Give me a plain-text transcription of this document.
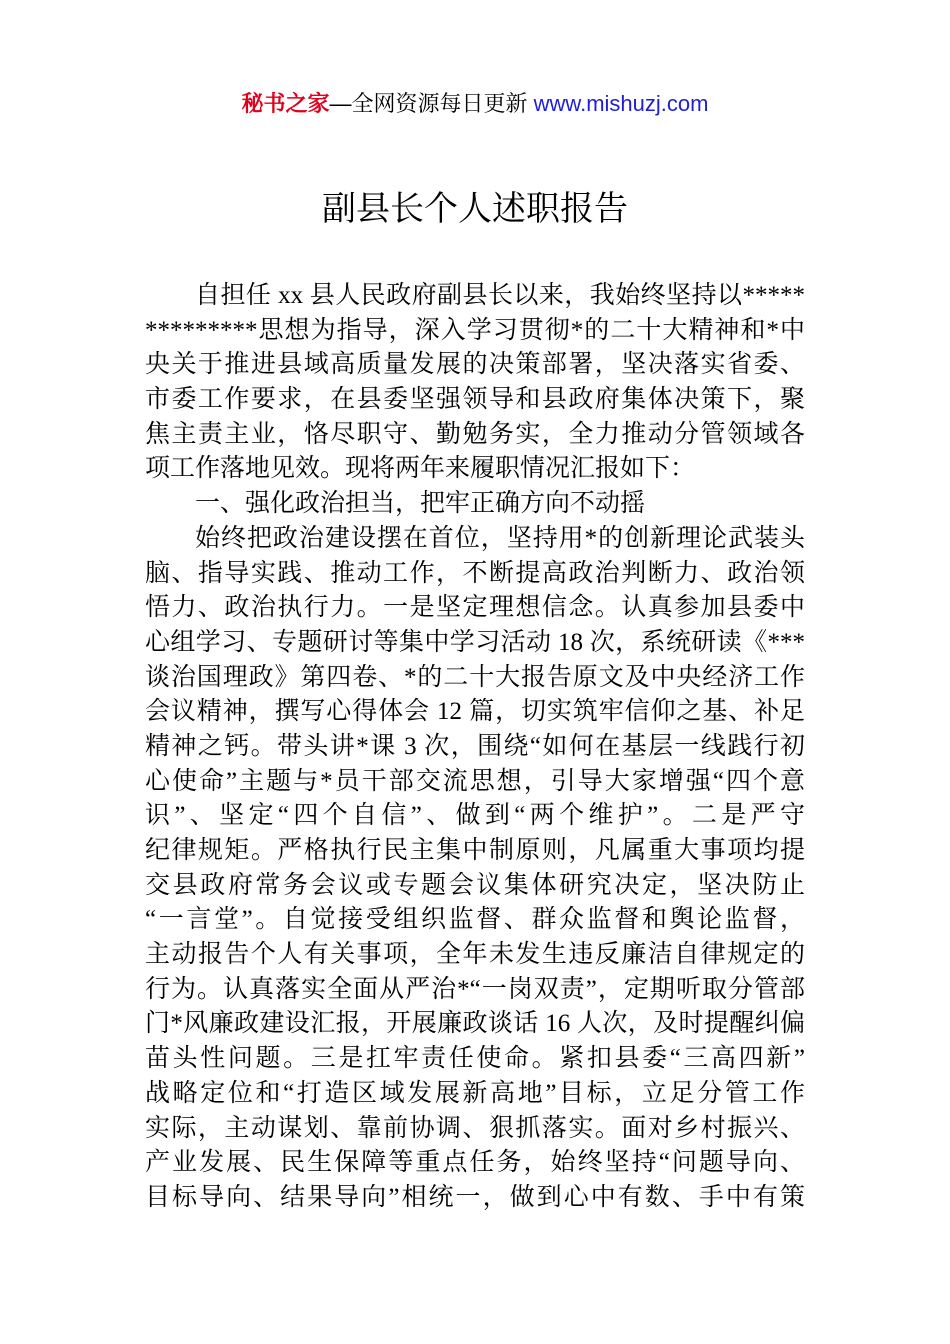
秘书之家—全网资源每日更新 www.mishuzj.com
副县长个人述职报告
自担任 xx 县人民政府副县长以来，我始终坚持以*****
*********思想为指导，深入学习贯彻*的二十大精神和*中
央关于推进县域高质量发展的决策部署，坚决落实省委、
市委工作要求，在县委坚强领导和县政府集体决策下，聚
焦主责主业，恪尽职守、勤勉务实，全力推动分管领域各
项工作落地见效。现将两年来履职情况汇报如下：
一、强化政治担当，把牢正确方向不动摇
始终把政治建设摆在首位，坚持用*的创新理论武装头
脑、指导实践、推动工作，不断提高政治判断力、政治领
悟力、政治执行力。一是坚定理想信念。认真参加县委中
心组学习、专题研讨等集中学习活动 18 次，系统研读《***
谈治国理政》第四卷、*的二十大报告原文及中央经济工作
会议精神，撰写心得体会 12 篇，切实筑牢信仰之基、补足
精神之钙。带头讲*课 3 次，围绕“如何在基层一线践行初
心使命”主题与*员干部交流思想，引导大家增强“四个意
识”、坚定“四个自信”、做到“两个维护”。二是严守
纪律规矩。严格执行民主集中制原则，凡属重大事项均提
交县政府常务会议或专题会议集体研究决定，坚决防止
“一言堂”。自觉接受组织监督、群众监督和舆论监督，
主动报告个人有关事项，全年未发生违反廉洁自律规定的
行为。认真落实全面从严治*“一岗双责”，定期听取分管部
门*风廉政建设汇报，开展廉政谈话 16 人次，及时提醒纠偏
苗头性问题。三是扛牢责任使命。紧扣县委“三高四新”
战略定位和“打造区域发展新高地”目标，立足分管工作
实际，主动谋划、靠前协调、狠抓落实。面对乡村振兴、
产业发展、民生保障等重点任务，始终坚持“问题导向、
目标导向、结果导向”相统一，做到心中有数、手中有策
